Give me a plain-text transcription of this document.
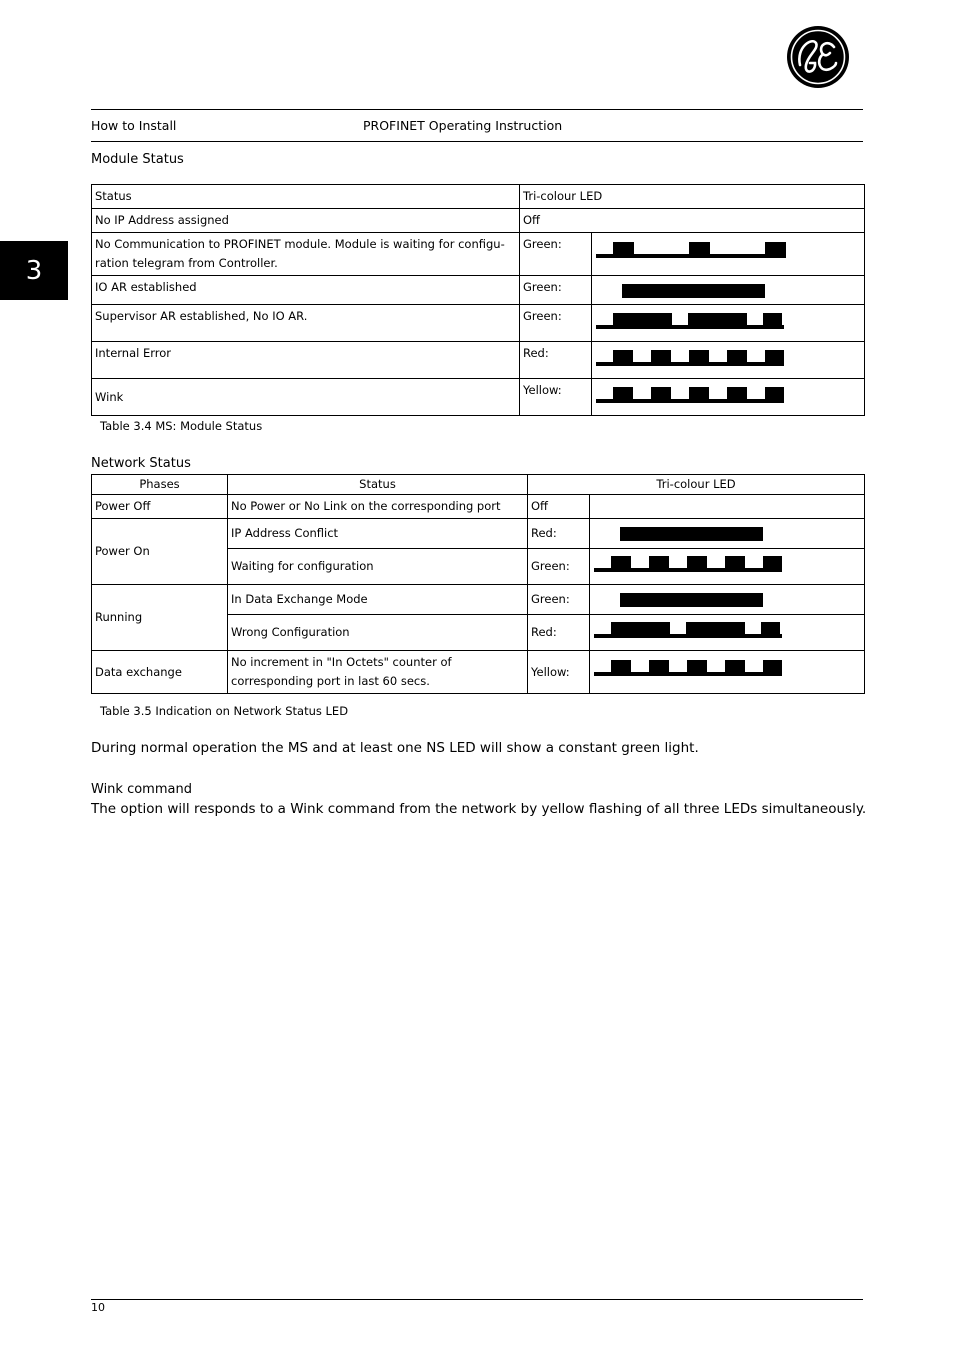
3
How to Install	PROFINET Operating Instruction
Module Status
Status	Tri-colour LED	
No IP Address assigned	Off	
No Communication to PROFINET module. Module is waiting for configu-ration telegram from Controller.	Green:	

IO AR established	Green:	

Supervisor AR established, No IO AR.	Green:	

Internal Error	Red:	

Wink	Yellow:	
Table 3.4 MS: Module Status
Network Status
Phases	Status	Tri-colour LED	
Power Off	No Power or No Link on the corresponding port	Off	
Power On	IP Address Conflict	Red:	

	Waiting for configuration	Green:	

Running	In Data Exchange Mode	Green:	

	Wrong Configuration	Red:	

Data exchange	No increment in "In Octets" counter of corresponding port in last 60 secs.	Yellow:	
Table 3.5 Indication on Network Status LED
During normal operation the MS and at least one NS LED will show a constant green light.
Wink command
The option will responds to a Wink command from the network by yellow flashing of all three LEDs simultaneously.
10
